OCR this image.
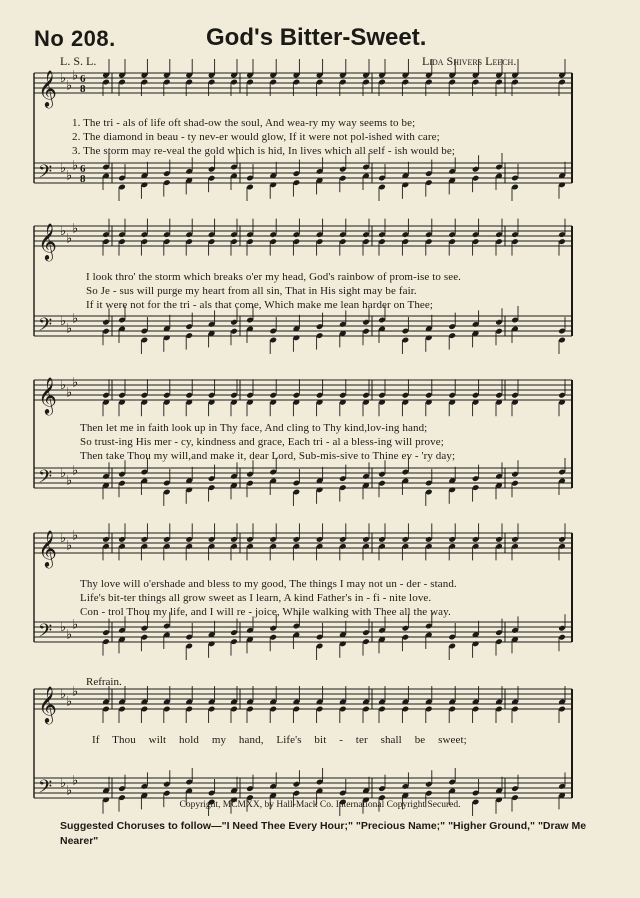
No 208.	God's Bitter-Sweet.
L. S. L.	Lida Shivers Leech.
♭ ♭
♭
𝄞
♭ ♭
♭
𝄢
6
8
6
8
♭ ♭
♭
𝄞
♭ ♭
♭
𝄢
♭ ♭
♭
𝄞
♭ ♭
♭
𝄢
♭ ♭
♭
𝄞
♭ ♭
♭
𝄢
♭ ♭
♭
𝄞
♭ ♭
♭
𝄢
1. The tri - als of life oft shad-ow the soul, And wea-ry my way seems to be;
2. The diamond in beau - ty nev-er would glow, If it were not pol-ished with care;
3. The storm may re-veal the gold which is hid, In lives which all self - ish would be;
I look thro' the storm which breaks o'er my head, God's rainbow of prom-ise to see.
So Je - sus will purge my heart from all sin, That in His sight may be fair.
If it were not for the tri - als that come, Which make me lean harder on Thee;
Then let me in faith look up in Thy face, And cling to Thy kind,lov-ing hand;
So trust-ing His mer - cy, kindness and grace, Each tri - al a bless-ing will prove;
Then take Thou my will,and make it, dear Lord, Sub-mis-sive to Thine ev - 'ry day;
Thy love will o'ershade and bless to my good, The things I may not un - der - stand.
Life's bit-ter things all grow sweet as I learn, A kind Father's in - fi - nite love.
Con - trol Thou my life, and I will re - joice, While walking with Thee all the way.
Refrain.
If Thou wilt hold my hand, Life's bit - ter shall be sweet;
Copyright, MCMXX, by Hall-Mack Co. International Copyright Secured.
Suggested Choruses to follow—"I Need Thee Every Hour;" "Precious Name;" "Higher Ground," "Draw Me Nearer"
